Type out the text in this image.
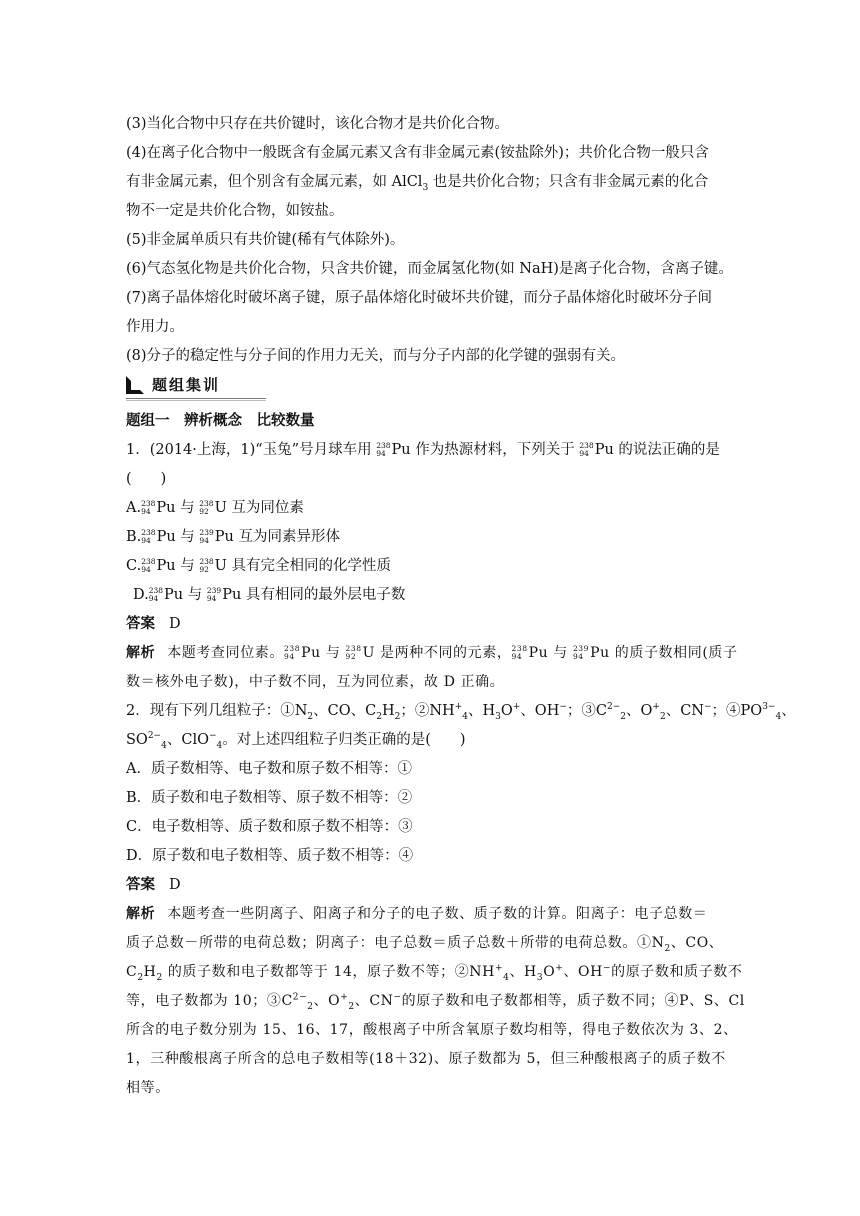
(3)当化合物中只存在共价键时，该化合物才是共价化合物。
(4)在离子化合物中一般既含有金属元素又含有非金属元素(铵盐除外)；共价化合物一般只含
有非金属元素，但个别含有金属元素，如 AlCl$_3$ 也是共价化合物；只含有非金属元素的化合
物不一定是共价化合物，如铵盐。
(5)非金属单质只有共价键(稀有气体除外)。
(6)气态氢化物是共价化合物，只含共价键，而金属氢化物(如 NaH)是离子化合物，含离子键。
(7)离子晶体熔化时破坏离子键，原子晶体熔化时破坏共价键，而分子晶体熔化时破坏分子间
作用力。
(8)分子的稳定性与分子间的作用力无关，而与分子内部的化学键的强弱有关。
题组集训
题组一　辨析概念　比较数量
1．(2014·上海，1)“玉兔”号月球车用 238
94 Pu 作为热源材料，下列关于 238
94 Pu 的说法正确的是
(　　)
A.238
94 Pu 与 238
92 U 互为同位素
B.238
94 Pu 与 239
94 Pu 互为同素异形体
C.238
94 Pu 与 238
92 U 具有完全相同的化学性质
D.238
94 Pu 与 239
94 Pu 具有相同的最外层电子数
答案 D
解析 本题考查同位素。238
94 Pu 与 238
92 U 是两种不同的元素，238
94 Pu 与 239
94 Pu 的质子数相同(质子
数＝核外电子数)，中子数不同，互为同位素，故 D 正确。
2．现有下列几组粒子：$①N_2$、CO、$C_2H_2$；$②NH^+_4$、$H_3O^+$、OH−；$③C^{2-}_2$、$O^+_2$、CN−；$④PO^{3-}_4$、
$SO^{2-}_4$、ClO−$_4$。对上述四组粒子归类正确的是(　　)
A．质子数相等、电子数和原子数不相等：①
B．质子数和电子数相等、原子数不相等：②
C．电子数相等、质子数和原子数不相等：③
D．原子数和电子数相等、质子数不相等：④
答案 D
解析 本题考查一些阴离子、阳离子和分子的电子数、质子数的计算。阳离子：电子总数＝
质子总数－所带的电荷总数；阴离子：电子总数＝质子总数＋所带的电荷总数。$①N_2$、CO、
$C_2H_2$ 的质子数和电子数都等于 14，原子数不等；$②NH^+_4$、$H_3O^+$、OH−的原子数和质子数不
等，电子数都为 10；$③C^{2-}_2$、$O^+_2$、CN−的原子数和电子数都相等，质子数不同；④P、S、Cl
所含的电子数分别为 15、16、17，酸根离子中所含氧原子数均相等，得电子数依次为 3、2、
1，三种酸根离子所含的总电子数相等(18＋32)、原子数都为 5，但三种酸根离子的质子数不
相等。
